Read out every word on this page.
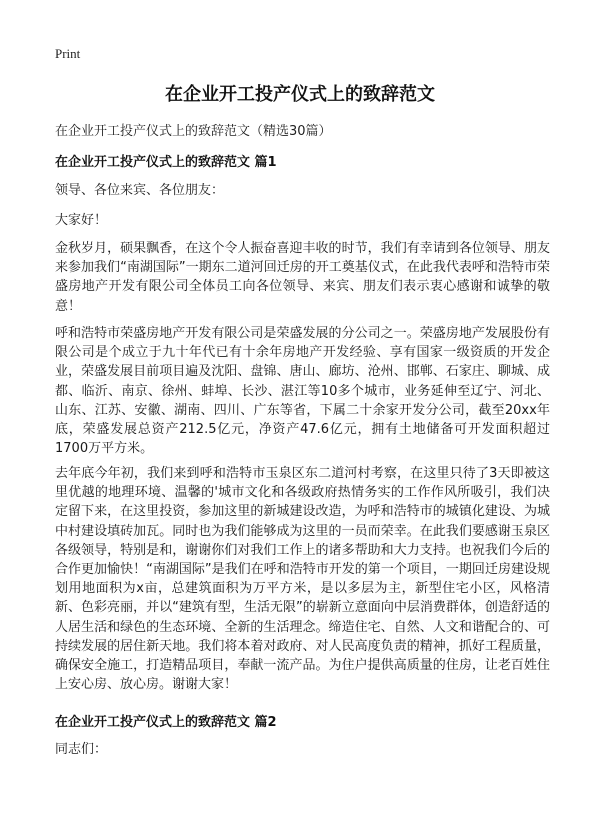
Print
在企业开工投产仪式上的致辞范文
在企业开工投产仪式上的致辞范文（精选30篇）
在企业开工投产仪式上的致辞范文 篇1

领导、各位来宾、各位朋友：

大家好！

金秋岁月，硕果飘香，在这个令人振奋喜迎丰收的时节，我们有幸请到各位领导、朋友来参加我们“南湖国际”一期东二道河回迁房的开工奠基仪式，在此我代表呼和浩特市荣盛房地产开发有限公司全体员工向各位领导、来宾、朋友们表示衷心感谢和诚挚的敬意！

呼和浩特市荣盛房地产开发有限公司是荣盛发展的分公司之一。荣盛房地产发展股份有限公司是个成立于九十年代已有十余年房地产开发经验、享有国家一级资质的开发企业，荣盛发展目前项目遍及沈阳、盘锦、唐山、廊坊、沧州、邯郸、石家庄、聊城、成都、临沂、南京、徐州、蚌埠、长沙、湛江等10多个城市，业务延伸至辽宁、河北、山东、江苏、安徽、湖南、四川、广东等省，下属二十余家开发分公司，截至20xx年底，荣盛发展总资产212.5亿元，净资产47.6亿元，拥有土地储备可开发面积超过1700万平方米。

去年底今年初，我们来到呼和浩特市玉泉区东二道河村考察，在这里只待了3天即被这里优越的地理环境、温馨的'城市文化和各级政府热情务实的工作作风所吸引，我们决定留下来，在这里投资，参加这里的新城建设改造，为呼和浩特市的城镇化建设、为城中村建设填砖加瓦。同时也为我们能够成为这里的一员而荣幸。在此我们要感谢玉泉区各级领导，特别是和，谢谢你们对我们工作上的诸多帮助和大力支持。也祝我们今后的合作更加愉快！“南湖国际”是我们在呼和浩特市开发的第一个项目，一期回迁房建设规划用地面积为x亩，总建筑面积为万平方米，是以多层为主，新型住宅小区，风格清新、色彩亮丽，并以“建筑有型，生活无限”的崭新立意面向中层消费群体，创造舒适的人居生活和绿色的生态环境、全新的生活理念。缔造住宅、自然、人文和谐配合的、可持续发展的居住新天地。我们将本着对政府、对人民高度负责的精神，抓好工程质量，确保安全施工，打造精品项目，奉献一流产品。为住户提供高质量的住房，让老百姓住上安心房、放心房。谢谢大家！

在企业开工投产仪式上的致辞范文 篇2

同志们：
